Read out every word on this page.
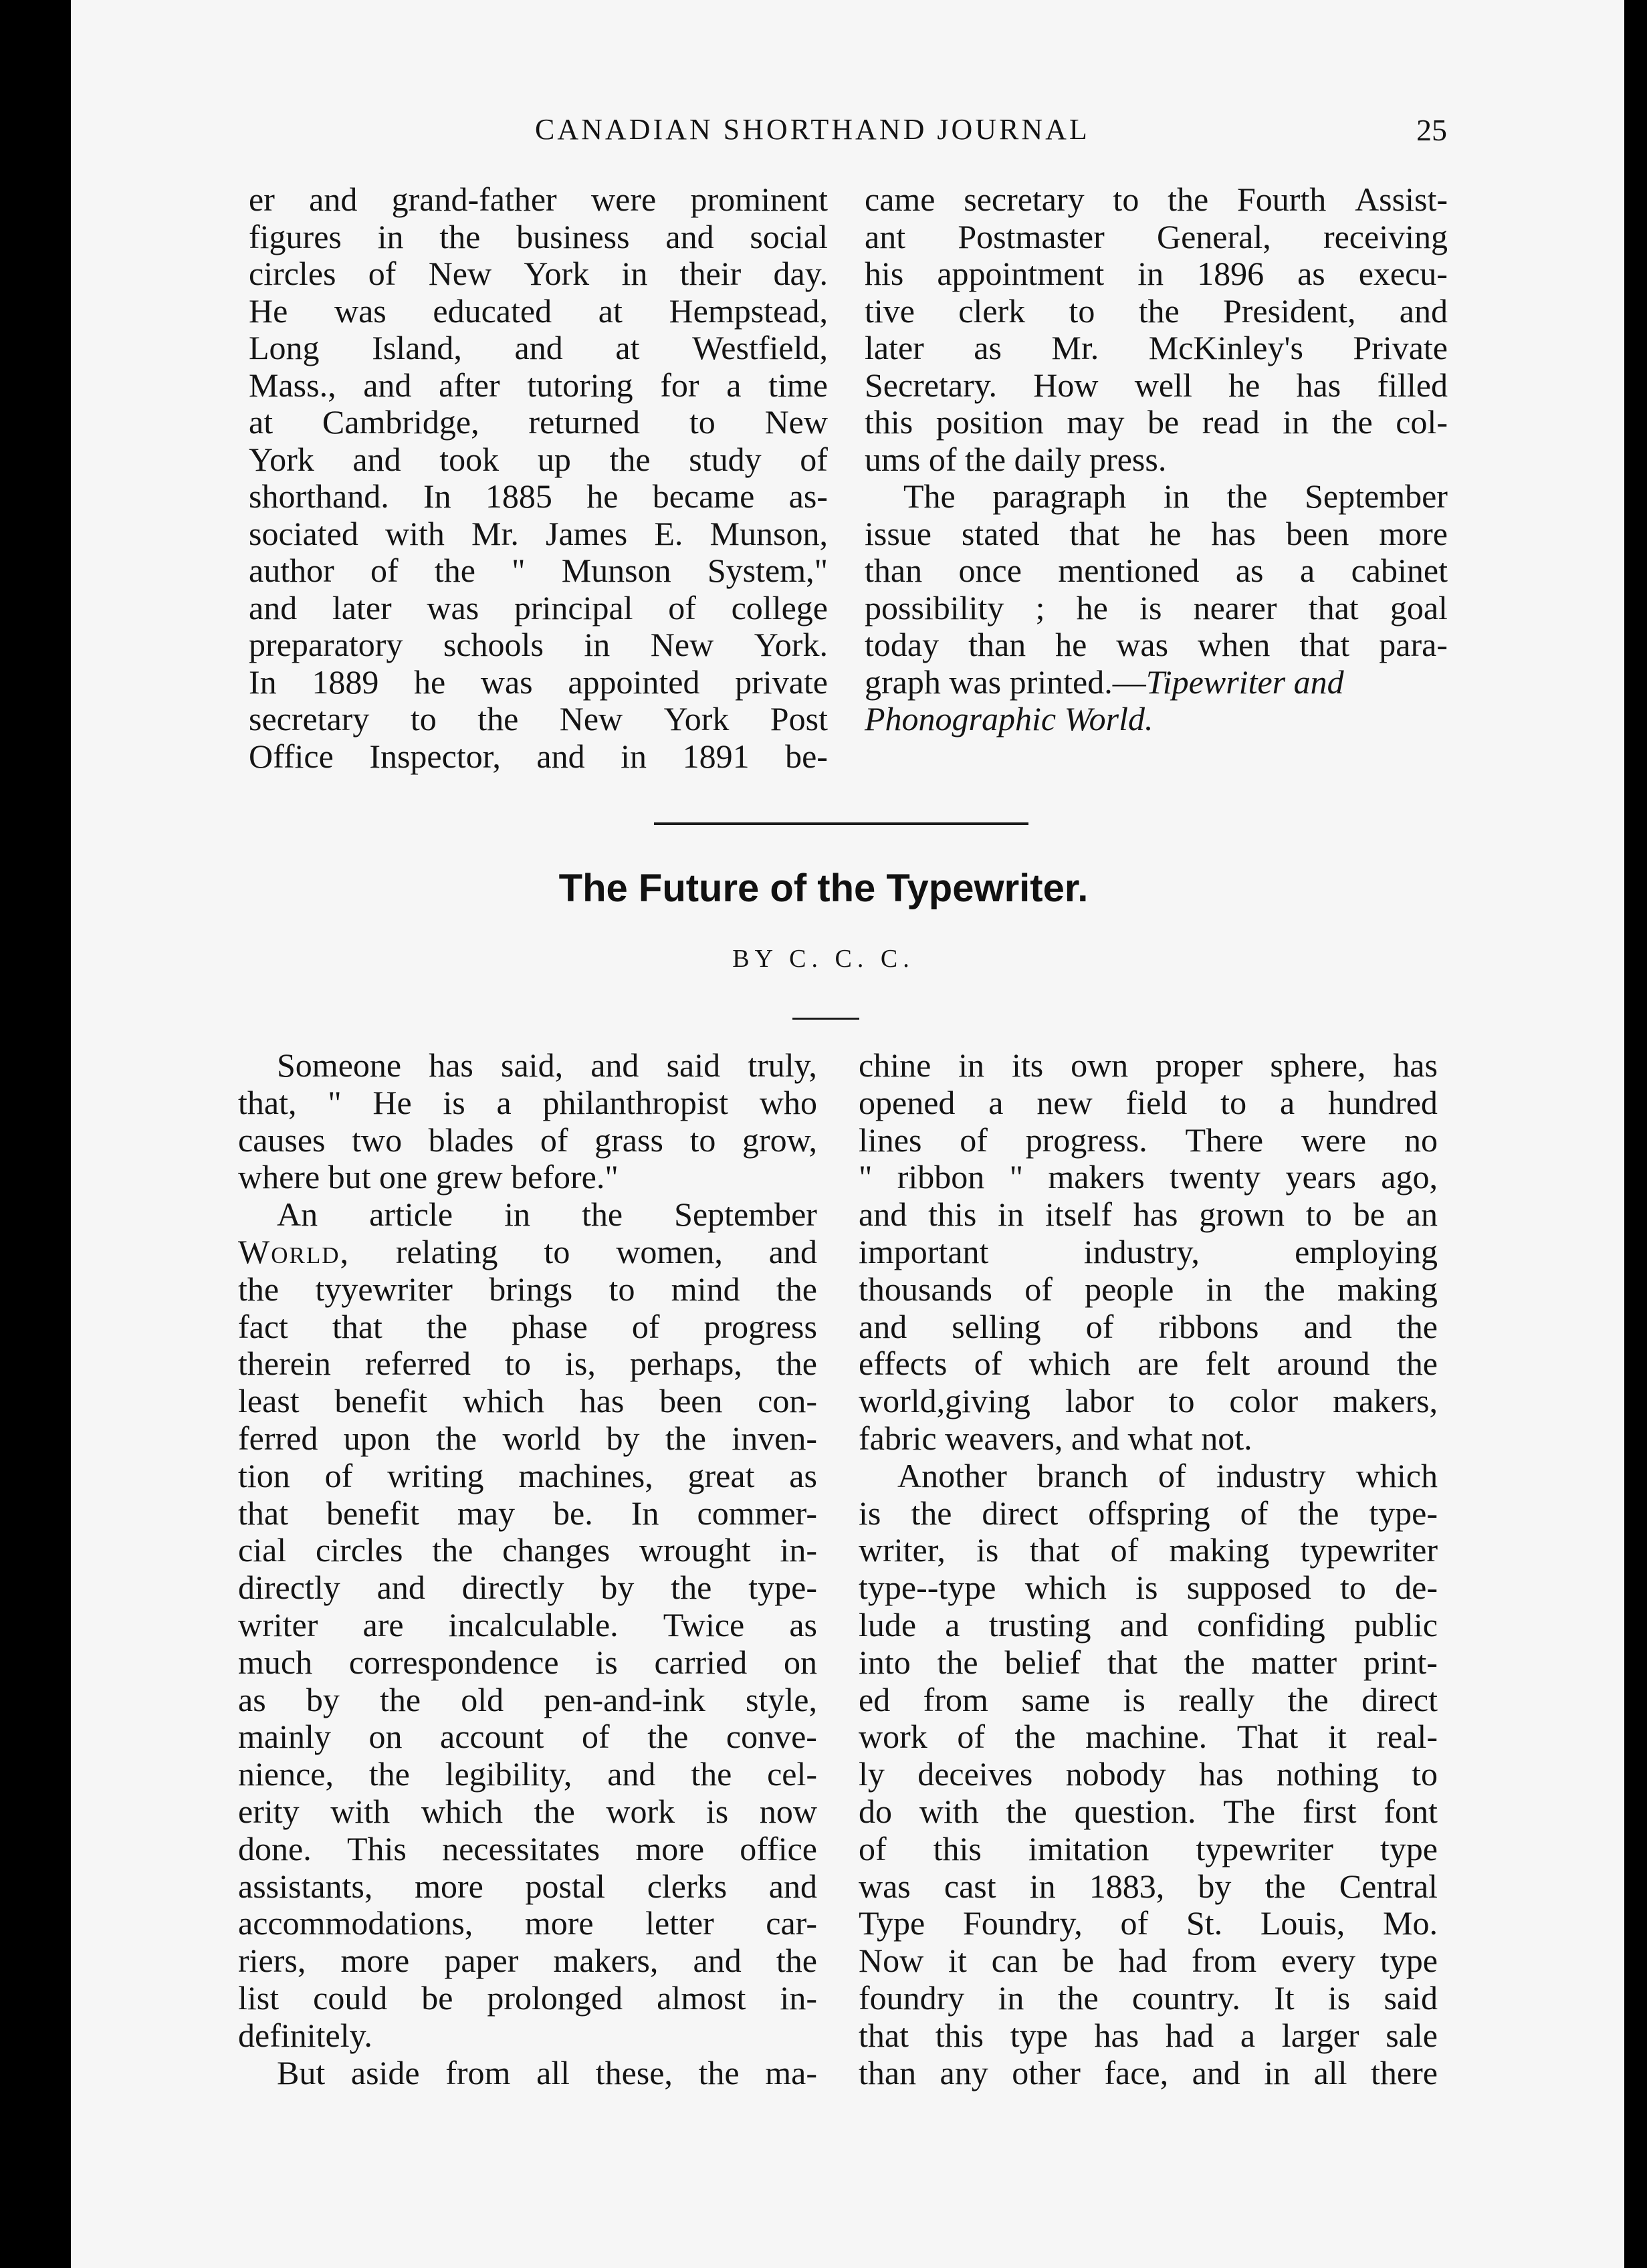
CANADIAN SHORTHAND JOURNAL	25
er and grand-father were prominent
figures in the business and social
circles of New York in their day.
He was educated at Hempstead,
Long Island, and at Westfield,
Mass., and after tutoring for a time
at Cambridge, returned to New
York and took up the study of
shorthand. In 1885 he became as-
sociated with Mr. James E. Munson,
author of the " Munson System,"
and later was principal of college
preparatory schools in New York.
In 1889 he was appointed private
secretary to the New York Post
Office Inspector, and in 1891 be-
came secretary to the Fourth Assist-
ant Postmaster General, receiving
his appointment in 1896 as execu-
tive clerk to the President, and
later as Mr. McKinley's Private
Secretary. How well he has filled
this position may be read in the col-
ums of the daily press.
The paragraph in the September
issue stated that he has been more
than once mentioned as a cabinet
possibility ; he is nearer that goal
today than he was when that para-
graph was printed.— Tipewriter and
Phonographic World.
The Future of the Typewriter.
BY C. C. C.
Someone has said, and said truly,
that, " He is a philanthropist who
causes two blades of grass to grow,
where but one grew before."
An article in the September
World, relating to women, and
the tyyewriter brings to mind the
fact that the phase of progress
therein referred to is, perhaps, the
least benefit which has been con-
ferred upon the world by the inven-
tion of writing machines, great as
that benefit may be. In commer-
cial circles the changes wrought in-
directly and directly by the type-
writer are incalculable. Twice as
much correspondence is carried on
as by the old pen-and-ink style,
mainly on account of the conve-
nience, the legibility, and the cel-
erity with which the work is now
done. This necessitates more office
assistants, more postal clerks and
accommodations, more letter car-
riers, more paper makers, and the
list could be prolonged almost in-
definitely.
But aside from all these, the ma-
chine in its own proper sphere, has
opened a new field to a hundred
lines of progress. There were no
" ribbon " makers twenty years ago,
and this in itself has grown to be an
important	industry,	employing
thousands of people in the making
and selling of ribbons and the
effects of which are felt around the
world,giving labor to color makers,
fabric weavers, and what not.
Another branch of industry which
is the direct offspring of the type-
writer, is that of making typewriter
type--type which is supposed to de-
lude a trusting and confiding public
into the belief that the matter print-
ed from same is really the direct
work of the machine. That it real-
ly deceives nobody has nothing to
do with the question. The first font
of this imitation typewriter type
was cast in 1883, by the Central
Type Foundry, of St. Louis, Mo.
Now it can be had from every type
foundry in the country. It is said
that this type has had a larger sale
than any other face, and in all there
